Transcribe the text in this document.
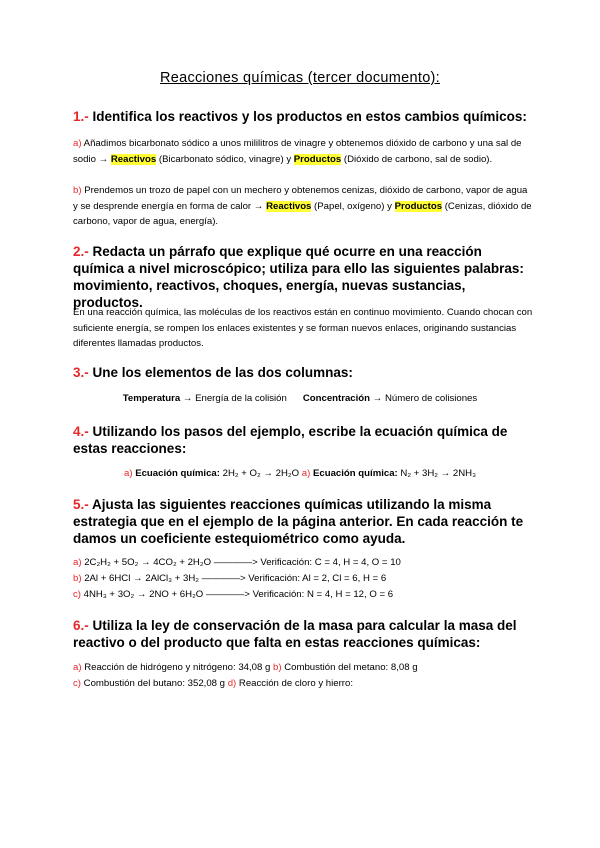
Reacciones químicas (tercer documento):
1.- Identifica los reactivos y los productos en estos cambios químicos:
a) Añadimos bicarbonato sódico a unos mililitros de vinagre y obtenemos dióxido de carbono y una sal de sodio → Reactivos (Bicarbonato sódico, vinagre) y Productos (Dióxido de carbono, sal de sodio).
b) Prendemos un trozo de papel con un mechero y obtenemos cenizas, dióxido de carbono, vapor de agua y se desprende energía en forma de calor → Reactivos (Papel, oxígeno) y Productos (Cenizas, dióxido de carbono, vapor de agua, energía).
2.- Redacta un párrafo que explique qué ocurre en una reacción química a nivel microscópico; utiliza para ello las siguientes palabras: movimiento, reactivos, choques, energía, nuevas sustancias, productos.
En una reacción química, las moléculas de los reactivos están en continuo movimiento. Cuando chocan con suficiente energía, se rompen los enlaces existentes y se forman nuevos enlaces, originando sustancias diferentes llamadas productos.
3.- Une los elementos de las dos columnas:
Temperatura → Energía de la colisión Concentración → Número de colisiones
4.- Utilizando los pasos del ejemplo, escribe la ecuación química de estas reacciones:
a) Ecuación química: 2H₂ + O₂ → 2H₂O a) Ecuación química: N₂ + 3H₂ → 2NH₃
5.- Ajusta las siguientes reacciones químicas utilizando la misma estrategia que en el ejemplo de la página anterior. En cada reacción te damos un coeficiente estequiométrico como ayuda.
a) 2C₂H₂ + 5O₂ → 4CO₂ + 2H₂O ————> Verificación: C = 4, H = 4, O = 10
b) 2Al + 6HCl → 2AlCl₃ + 3H₂ ————> Verificación: Al = 2, Cl = 6, H = 6
c) 4NH₃ + 3O₂ → 2NO + 6H₂O ————> Verificación: N = 4, H = 12, O = 6
6.- Utiliza la ley de conservación de la masa para calcular la masa del reactivo o del producto que falta en estas reacciones químicas:
a) Reacción de hidrógeno y nitrógeno: 34,08 g b) Combustión del metano: 8,08 g
c) Combustión del butano: 352,08 g d) Reacción de cloro y hierro:
